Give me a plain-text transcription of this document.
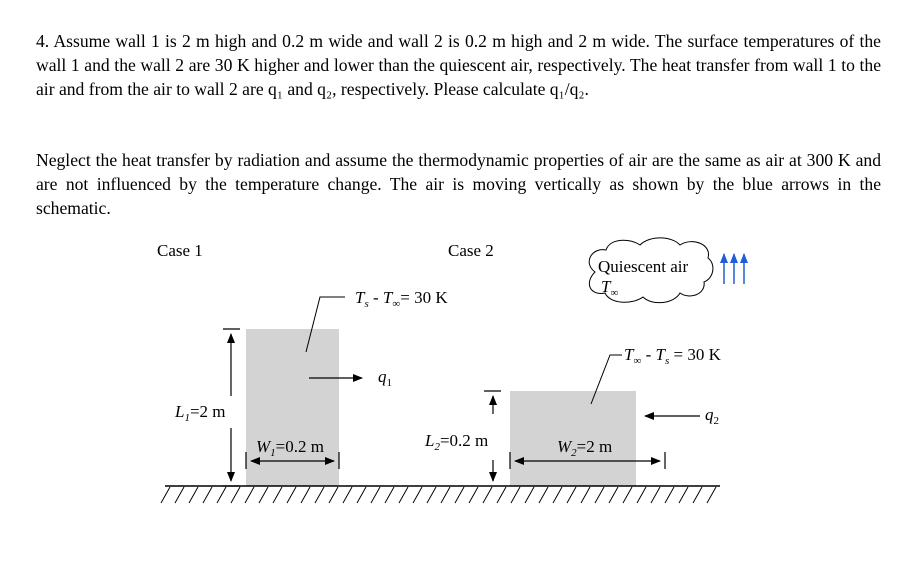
4. Assume wall 1 is 2 m high and 0.2 m wide and wall 2 is 0.2 m high and 2 m wide. The surface temperatures of the wall 1 and the wall 2 are 30 K higher and lower than the quiescent air, respectively. The heat transfer from wall 1 to the air and from the air to wall 2 are q₁ and q₂, respectively. Please calculate q₁/q₂.

Neglect the heat transfer by radiation and assume the thermodynamic properties of air are the same as air at 300 K and are not influenced by the temperature change. The air is moving vertically as shown by the blue arrows in the schematic.

Case 1	Case 2
$T_s - T_\infty= 30$ K
$q_1$
$L_1=2$ m
$W_1=0.2$ m	$L_2=0.2$ m	$W_2=2$ m
$T_\infty - T_s = 30$ K
$q_2$
Quiescent air
$T_\infty$
